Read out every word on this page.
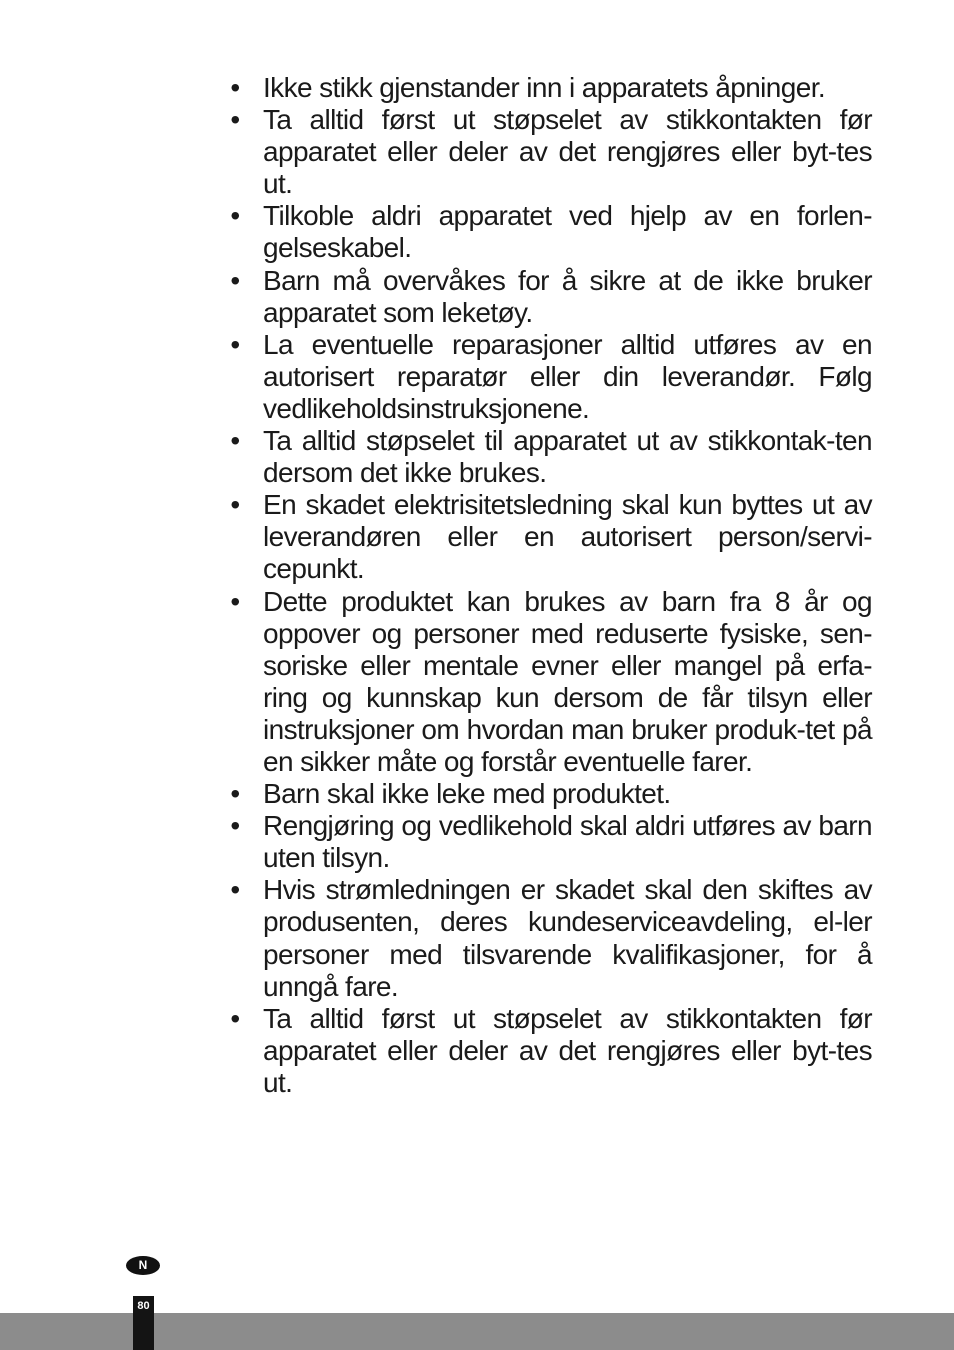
• Ikke stikk gjenstander inn i apparatets åpninger.
• Ta alltid først ut støpselet av stikkontakten før apparatet eller deler av det rengjøres eller byt-tes ut.
• Tilkoble aldri apparatet ved hjelp av en forlen-gelseskabel.
• Barn må overvåkes for å sikre at de ikke bruker apparatet som leketøy.
• La eventuelle reparasjoner alltid utføres av en autorisert reparatør eller din leverandør. Følg vedlikeholdsinstruksjonene.
• Ta alltid støpselet til apparatet ut av stikkontak-ten dersom det ikke brukes.
• En skadet elektrisitetsledning skal kun byttes ut av leverandøren eller en autorisert person/servi-cepunkt.
• Dette produktet kan brukes av barn fra 8 år og oppover og personer med reduserte fysiske, sen-soriske eller mentale evner eller mangel på erfa-ring og kunnskap kun dersom de får tilsyn eller instruksjoner om hvordan man bruker produk-tet på en sikker måte og forstår eventuelle farer.
• Barn skal ikke leke med produktet.
• Rengjøring og vedlikehold skal aldri utføres av barn uten tilsyn.
• Hvis strømledningen er skadet skal den skiftes av produsenten, deres kundeserviceavdeling, el-ler personer med tilsvarende kvalifikasjoner, for å unngå fare.
• Ta alltid først ut støpselet av stikkontakten før apparatet eller deler av det rengjøres eller byt-tes ut.
N
80
